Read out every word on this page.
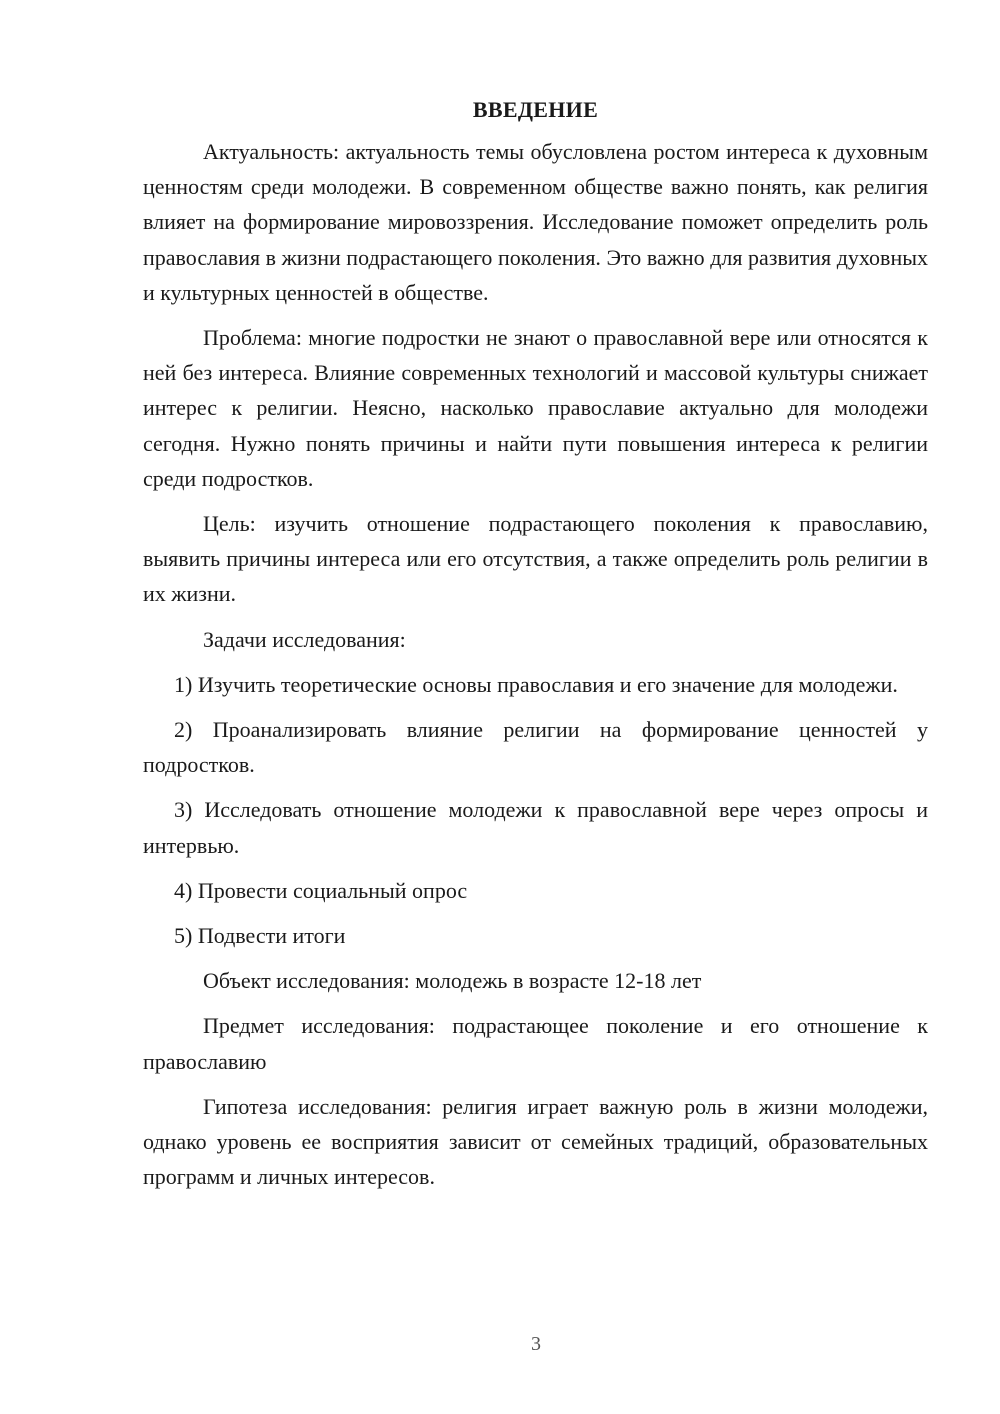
ВВЕДЕНИЕ

Актуальность: актуальность темы обусловлена ростом интереса к духовным ценностям среди молодежи. В современном обществе важно понять, как религия влияет на формирование мировоззрения. Исследование поможет определить роль православия в жизни подрастающего поколения. Это важно для развития духовных и культурных ценностей в обществе.

Проблема: многие подростки не знают о православной вере или относятся к ней без интереса. Влияние современных технологий и массовой культуры снижает интерес к религии. Неясно, насколько православие актуально для молодежи сегодня. Нужно понять причины и найти пути повышения интереса к религии среди подростков.

Цель: изучить отношение подрастающего поколения к православию, выявить причины интереса или его отсутствия, а также определить роль религии в их жизни.

Задачи исследования:

1) Изучить теоретические основы православия и его значение для молодежи.

2) Проанализировать влияние религии на формирование ценностей у подростков.

3) Исследовать отношение молодежи к православной вере через опросы и интервью.

4) Провести социальный опрос

5) Подвести итоги

Объект исследования: молодежь в возрасте 12-18 лет

Предмет исследования: подрастающее поколение и его отношение к православию

Гипотеза исследования: религия играет важную роль в жизни молодежи, однако уровень ее восприятия зависит от семейных традиций, образовательных программ и личных интересов.

3
